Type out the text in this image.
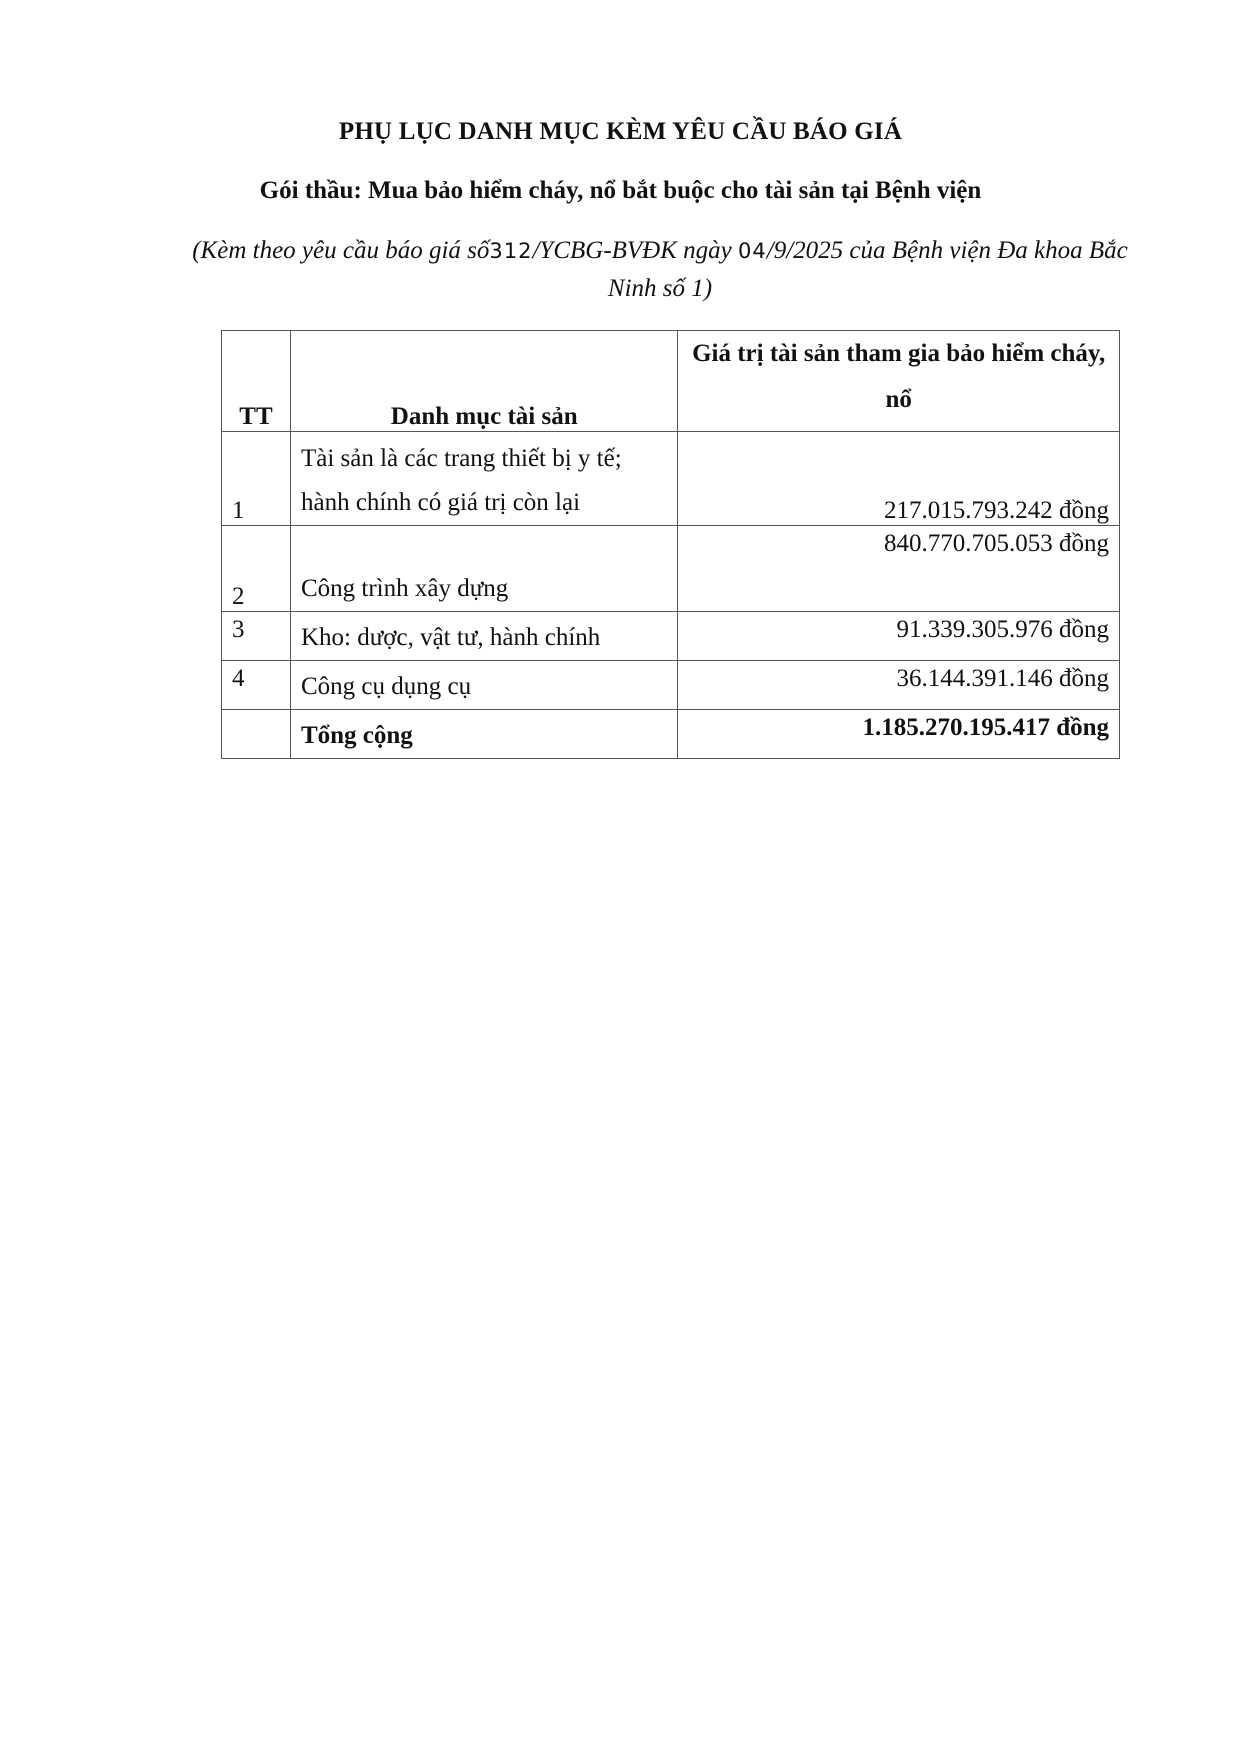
PHỤ LỤC DANH MỤC KÈM YÊU CẦU BÁO GIÁ
Gói thầu: Mua bảo hiểm cháy, nổ bắt buộc cho tài sản tại Bệnh viện
(Kèm theo yêu cầu báo giá số312/YCBG-BVĐK ngày 04/9/2025 của Bệnh viện Đa khoa Bắc Ninh số 1)
TT	Danh mục tài sản	Giá trị tài sản tham gia bảo hiểm cháy, nổ
1	Tài sản là các trang thiết bị y tế; hành chính có giá trị còn lại	217.015.793.242 đồng
2	Công trình xây dựng	840.770.705.053 đồng
3	Kho: dược, vật tư, hành chính	91.339.305.976 đồng
4	Công cụ dụng cụ	36.144.391.146 đồng
	Tổng cộng	1.185.270.195.417 đồng
